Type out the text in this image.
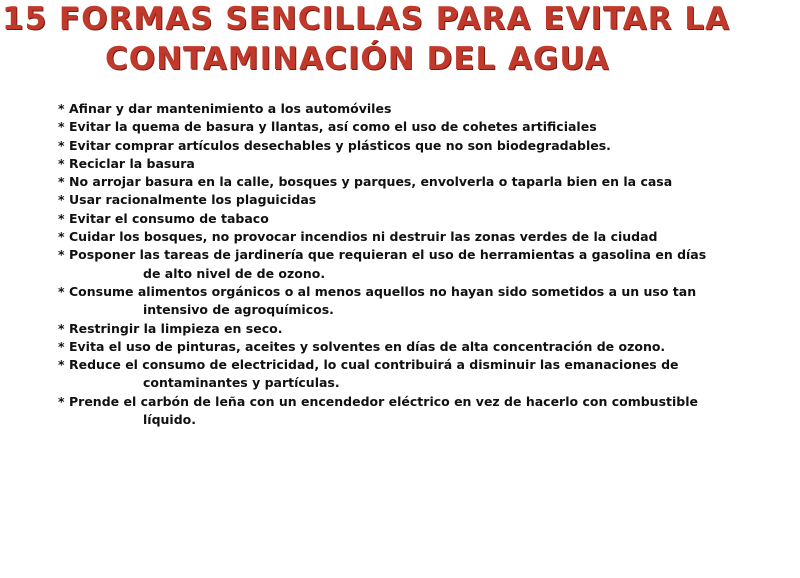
15 FORMAS SENCILLAS PARA EVITAR LA
CONTAMINACIÓN DEL AGUA
* Afinar y dar mantenimiento a los automóviles
* Evitar la quema de basura y llantas, así como el uso de cohetes artificiales
* Evitar comprar artículos desechables y plásticos que no son biodegradables.
* Reciclar la basura
* No arrojar basura en la calle, bosques y parques, envolverla o taparla bien en la casa
* Usar racionalmente los plaguicidas
* Evitar el consumo de tabaco
* Cuidar los bosques, no provocar incendios ni destruir las zonas verdes de la ciudad
* Posponer las tareas de jardinería que requieran el uso de herramientas a gasolina en días
de alto nivel de de ozono.
* Consume alimentos orgánicos o al menos aquellos no hayan sido sometidos a un uso tan
intensivo de agroquímicos.
* Restringir la limpieza en seco.
* Evita el uso de pinturas, aceites y solventes en días de alta concentración de ozono.
* Reduce el consumo de electricidad, lo cual contribuirá a disminuir las emanaciones de
contaminantes y partículas.
* Prende el carbón de leña con un encendedor eléctrico en vez de hacerlo con combustible
líquido.
